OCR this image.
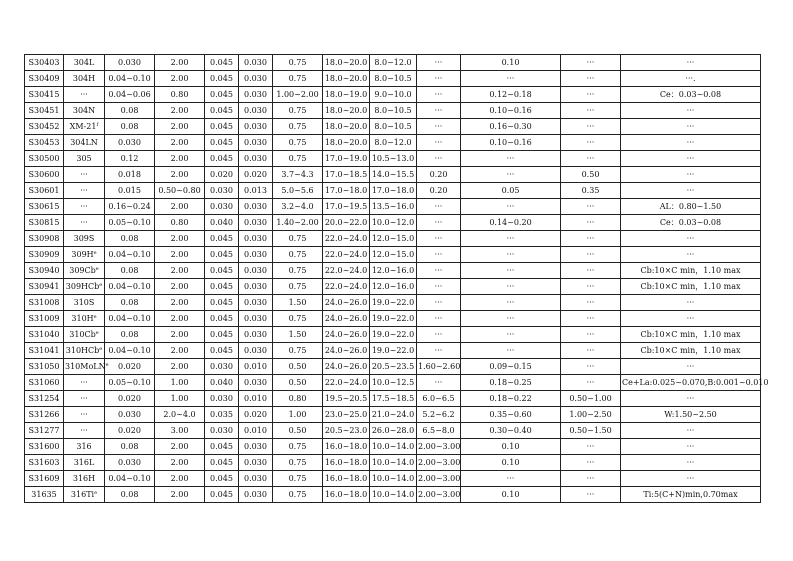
S30403	304L	0.030	2.00	0.045	0.030	0.75	18.0~20.0	8.0~12.0	···	0.10	···	···
S30409	304H	0.04~0.10	2.00	0.045	0.030	0.75	18.0~20.0	8.0~10.5	···	···	···	···.
S30415	···	0.04~0.06	0.80	0.045	0.030	1.00~2.00	18.0~19.0	9.0~10.0	···	0.12~0.18	···	Ce：0.03~0.08
S30451	304N	0.08	2.00	0.045	0.030	0.75	18.0~20.0	8.0~10.5	···	0.10~0.16	···	···
S30452	XM-21$^f$	0.08	2.00	0.045	0.030	0.75	18.0~20.0	8.0~10.5	···	0.16~0.30	···	···
S30453	304LN	0.030	2.00	0.045	0.030	0.75	18.0~20.0	8.0~12.0	···	0.10~0.16	···	···
S30500	305	0.12	2.00	0.045	0.030	0.75	17.0~19.0	10.5~13.0	···	···	···	···
S30600	···	0.018	2.00	0.020	0.020	3.7~4.3	17.0~18.5	14.0~15.5	0.20	···	0.50	···
S30601	···	0.015	0.50~0.80	0.030	0.013	5.0~5.6	17.0~18.0	17.0~18.0	0.20	0.05	0.35	···
S30615	···	0.16~0.24	2.00	0.030	0.030	3.2~4.0	17.0~19.5	13.5~16.0	···	···	···	AL：0.80~1.50
S30815	···	0.05~0.10	0.80	0.040	0.030	1.40~2.00	20.0~22.0	10.0~12.0	···	0.14~0.20	···	Ce：0.03~0.08
S30908	309S	0.08	2.00	0.045	0.030	0.75	22.0~24.0	12.0~15.0	···	···	···	···
S30909	$309H^e$	0.04~0.10	2.00	0.045	0.030	0.75	22.0~24.0	12.0~15.0	···	···	···	···
S30940	309Cb$^e$	0.08	2.00	0.045	0.030	0.75	22.0~24.0	12.0~16.0	···	···	···	Cb:10×C min，1.10 max
S30941	309HCb$^e$	0.04~0.10	2.00	0.045	0.030	0.75	22.0~24.0	12.0~16.0	···	···	···	Cb:10×C min，1.10 max
S31008	310S	0.08	2.00	0.045	0.030	1.50	24.0~26.0	19.0~22.0	···	···	···	···
S31009	$310H^e$	0.04~0.10	2.00	0.045	0.030	0.75	24.0~26.0	19.0~22.0	···	···	···	···
S31040	310Cb$^e$	0.08	2.00	0.045	0.030	1.50	24.0~26.0	19.0~22.0	···	···	···	Cb:10×C min，1.10 max
S31041	310HCb$^e$	0.04~0.10	2.00	0.045	0.030	0.75	24.0~26.0	19.0~22.0	···	···	···	Cb:10×C min，1.10 max
S31050	310MoLN$^e$	0.020	2.00	0.030	0.010	0.50	24.0~26.0	20.5~23.5	1.60~2.60	0.09~0.15	···	···
S31060	···	0.05~0.10	1.00	0.040	0.030	0.50	22.0~24.0	10.0~12.5	···	0.18~0.25	···	Ce+La:0.025~0.070,B:0.001~0.010
S31254	···	0.020	1.00	0.030	0.010	0.80	19.5~20.5	17.5~18.5	6.0~6.5	0.18~0.22	0.50~1.00	···
S31266	···	0.030	2.0~4.0	0.035	0.020	1.00	23.0~25.0	21.0~24.0	5.2~6.2	0.35~0.60	1.00~2.50	W:1.50~2.50
S31277	···	0.020	3.00	0.030	0.010	0.50	20.5~23.0	26.0~28.0	6.5~8.0	0.30~0.40	0.50~1.50	···
S31600	316	0.08	2.00	0.045	0.030	0.75	16.0~18.0	10.0~14.0	2.00~3.00	0.10	···	···
S31603	316L	0.030	2.00	0.045	0.030	0.75	16.0~18.0	10.0~14.0	2.00~3.00	0.10	···	···
S31609	316H	0.04~0.10	2.00	0.045	0.030	0.75	16.0~18.0	10.0~14.0	2.00~3.00	···	···	···
31635	316Ti$^e$	0.08	2.00	0.045	0.030	0.75	16.0~18.0	10.0~14.0	2.00~3.00	0.10	···	Ti:5(C+N)min,0.70max
